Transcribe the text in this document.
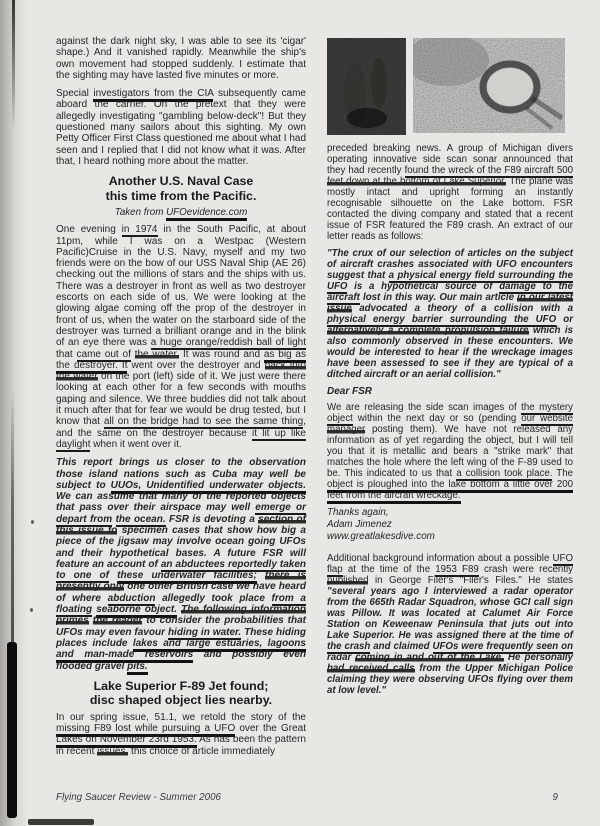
against the dark night sky, I was able to see its 'cigar' shape.) And it vanished rapidly. Meanwhile the ship's own movement had stopped suddenly. I estimate that the sighting may have lasted five minutes or more.

Special investigators from the CIA subsequently came aboard the carrier. On the pretext that they were allegedly investigating "gambling below-deck"! But they questioned many sailors about this sighting. My own Petty Officer First Class questioned me about what I had seen and I replied that I did not know what it was. After that, I heard nothing more about the matter.

Another U.S. Naval Case
this time from the Pacific.

Taken from UFOevidence.com

One evening in 1974 in the South Pacific, at about 11pm, while I was on a Westpac (Western Pacific)Cruise in the U.S. Navy, myself and my two friends were on the bow of our USS Naval Ship (AE 26) checking out the millions of stars and the ships with us. There was a destroyer in front as well as two destroyer escorts on each side of us. We were looking at the glowing algae coming off the prop of the destroyer in front of us, when the water on the starboard side of the destroyer was turned a brilliant orange and in the blink of an eye there was a huge orange/reddish ball of light that came out of the water. It was round and as big as the destroyer. It went over the destroyer and back into the water on the port (left) side of it. We just were there looking at each other for a few seconds with mouths gaping and silence. We three buddies did not talk about it much after that for fear we would be drug tested, but I know that all on the bridge had to see the same thing, and the same on the destroyer because it lit up like daylight when it went over it.

This report brings us closer to the observation those island nations such as Cuba may well be subject to UUOs, Unidentified underwater objects. We can assume that many of the reported objects that pass over their airspace may well emerge or depart from the ocean. FSR is devoting a section of this issue to specimen cases that show how big a piece of the jigsaw may involve ocean going UFOs and their hypothetical bases. A future FSR will feature an account of an abductees reportedly taken to one of these underwater facilities; there is presently only one other British case we have heard of where abduction allegedly took place from a floating seaborne object. The following information primes the reader to consider the probabilities that UFOs may even favour hiding in water. These hiding places include lakes and large estuaries, lagoons and man-made reservoirs and possibly even flooded gravel pits.

Lake Superior F-89 Jet found;
disc shaped object lies nearby.

In our spring issue, 51.1, we retold the story of the missing F89 lost while pursuing a UFO over the Great Lakes on November 23rd 1953. As has been the pattern in recent issues, this choice of article immediately

preceded breaking news. A group of Michigan divers operating innovative side scan sonar announced that they had recently found the wreck of the F89 aircraft 500 feet down at the bottom of Lake Superior. The plane was mostly intact and upright forming an instantly recognisable silhouette on the Lake bottom. FSR contacted the diving company and stated that a recent issue of FSR featured the F89 crash. An extract of our letter reads as follows:

"The crux of our selection of articles on the subject of aircraft crashes associated with UFO encounters suggest that a physical energy field surrounding the UFO is a hypothetical source of damage to the aircraft lost in this way. Our main article in our latest issue advocated a theory of a collision with a physical energy barrier surrounding the UFO or alternatively a complete propulsion failure which is also commonly observed in these encounters. We would be interested to hear if the wreckage images have been assessed to see if they are typical of a ditched aircraft or an aerial collision."

Dear FSR

We are releasing the side scan images of the mystery object within the next day or so (pending our website manager posting them). We have not released any information as of yet regarding the object, but I will tell you that it is metallic and bears a "strike mark" that matches the hole where the left wing of the F-89 used to be. This indicated to us that a collision took place. The object is ploughed into the lake bottom a little over 200 feet from the aircraft wreckage.

Thanks again,
Adam Jimenez
www.greatlakesdive.com

Additional background information about a possible UFO flap at the time of the 1953 F89 crash were recently published in George Filer's "Filer's Files." He states "several years ago I interviewed a radar operator from the 665th Radar Squadron, whose GCI call sign was Pillow. It was located at Calumet Air Force Station on Keweenaw Peninsula that juts out into Lake Superior. He was assigned there at the time of the crash and claimed UFOs were frequently seen on radar coming in and out of the Lake. He personally had received calls from the Upper Michigan Police claiming they were observing UFOs flying over them at low level."

Flying Saucer Review - Summer 2006	9
